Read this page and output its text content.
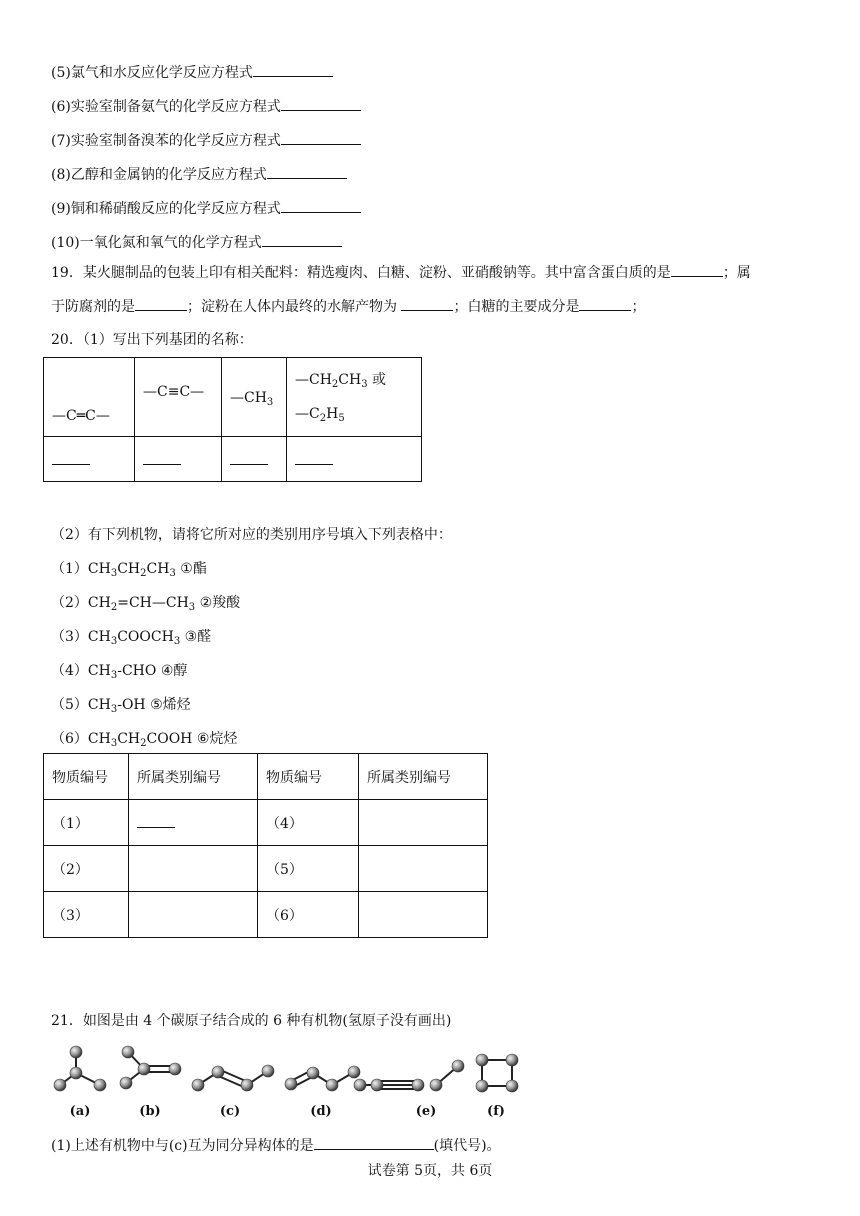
(5)氯气和水反应化学反应方程式
(6)实验室制备氨气的化学反应方程式
(7)实验室制备溴苯的化学反应方程式
(8)乙醇和金属钠的化学反应方程式
(9)铜和稀硝酸反应的化学反应方程式
(10)一氧化氮和氧气的化学方程式
19．某火腿制品的包装上印有相关配料：精选瘦肉、白糖、淀粉、亚硝酸钠等。其中富含蛋白质的是	；属
于防腐剂的是	；淀粉在人体内最终的水解产物为	；白糖的主要成分是	；
20．（1）写出下列基团的名称：
—C═C—	—C≡C—	$—CH_3$	$—CH_2CH_3$ 或
$—C_2H_5$

（2）有下列机物，请将它所对应的类别用序号填入下列表格中：
$(1)CH_3CH_2CH_3$ ①酯
$(2)CH_2=CH—CH_3$ ②羧酸
$(3)CH_3COOCH_3$ ③醛
$(4)CH_3$-CHO ④醇
$(5)CH_3-OH$ ⑤烯烃
$(6)CH_3CH_2COOH$ ⑥烷烃
物质编号	所属类别编号	物质编号	所属类别编号
（1）		（4）	
（2）		（5）	
（3）		（6）	
21．如图是由 4 个碳原子结合成的 6 种有机物(氢原子没有画出)
(a)	(b)	(c)	(d)	(e)	(f)
(1)上述有机物中与(c)互为同分异构体的是	(填代号)。
试卷第 5页，共 6页
